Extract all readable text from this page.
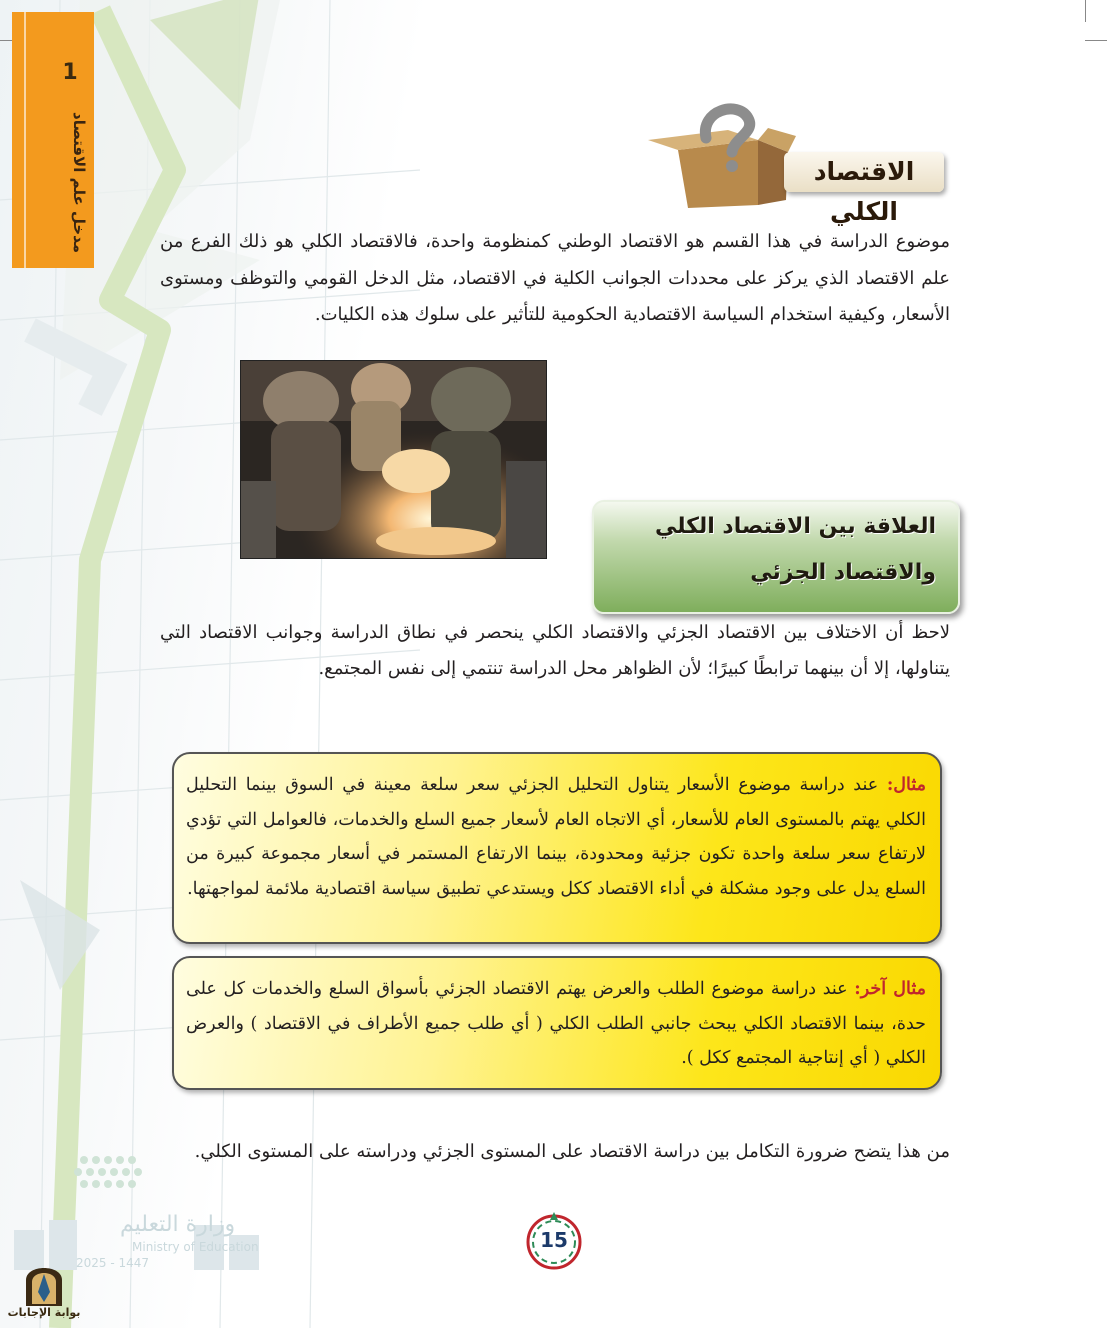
1
مدخل علم الاقتصاد	الاقتصاد الكلي

موضوع الدراسة في هذا القسم هو الاقتصاد الوطني كمنظومة واحدة، فالاقتصاد الكلي هو ذلك الفرع من علم الاقتصاد الذي يركز على محددات الجوانب الكلية في الاقتصاد، مثل الدخل القومي والتوظف ومستوى الأسعار، وكيفية استخدام السياسة الاقتصادية الحكومية للتأثير على سلوك هذه الكليات.

العلاقة بين الاقتصاد الكلي
والاقتصاد الجزئي

لاحظ أن الاختلاف بين الاقتصاد الجزئي والاقتصاد الكلي ينحصر في نطاق الدراسة وجوانب الاقتصاد التي يتناولها، إلا أن بينهما ترابطًا كبيرًا؛ لأن الظواهر محل الدراسة تنتمي إلى نفس المجتمع.

مثال: عند دراسة موضوع الأسعار يتناول التحليل الجزئي سعر سلعة معينة في السوق بينما التحليل الكلي يهتم بالمستوى العام للأسعار، أي الاتجاه العام لأسعار جميع السلع والخدمات، فالعوامل التي تؤدي لارتفاع سعر سلعة واحدة تكون جزئية ومحدودة، بينما الارتفاع المستمر في أسعار مجموعة كبيرة من السلع يدل على وجود مشكلة في أداء الاقتصاد ككل ويستدعي تطبيق سياسة اقتصادية ملائمة لمواجهتها.
مثال آخر: عند دراسة موضوع الطلب والعرض يهتم الاقتصاد الجزئي بأسواق السلع والخدمات كل على حدة، بينما الاقتصاد الكلي يبحث جانبي الطلب الكلي ( أي طلب جميع الأطراف في الاقتصاد ) والعرض الكلي ( أي إنتاجية المجتمع ككل ).

من هذا يتضح ضرورة التكامل بين دراسة الاقتصاد على المستوى الجزئي ودراسته على المستوى الكلي.

15
وزارة التعليم
Ministry of Education
2025 - 1447
بوابة الإجابات
